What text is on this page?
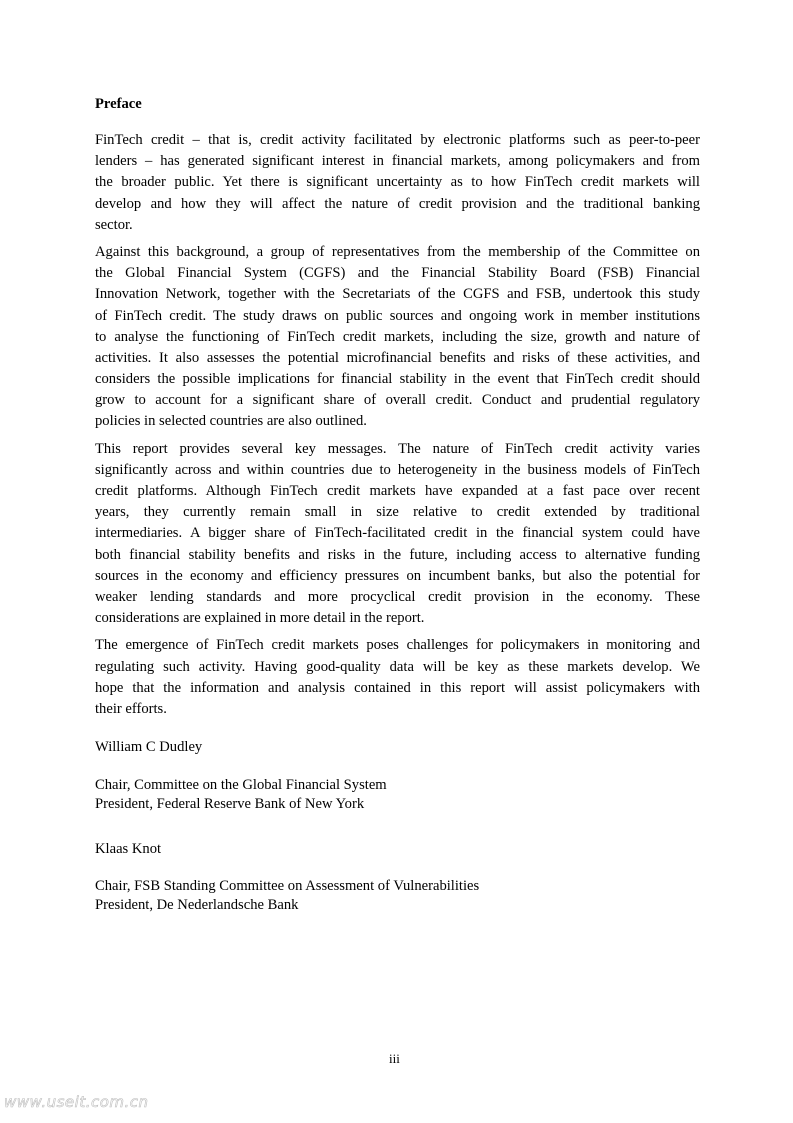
Preface
FinTech credit – that is, credit activity facilitated by electronic platforms such as peer-to-peer
lenders – has generated significant interest in financial markets, among policymakers and from
the broader public. Yet there is significant uncertainty as to how FinTech credit markets will
develop and how they will affect the nature of credit provision and the traditional banking
sector.
Against this background, a group of representatives from the membership of the Committee on
the Global Financial System (CGFS) and the Financial Stability Board (FSB) Financial
Innovation Network, together with the Secretariats of the CGFS and FSB, undertook this study
of FinTech credit. The study draws on public sources and ongoing work in member institutions
to analyse the functioning of FinTech credit markets, including the size, growth and nature of
activities. It also assesses the potential microfinancial benefits and risks of these activities, and
considers the possible implications for financial stability in the event that FinTech credit should
grow to account for a significant share of overall credit. Conduct and prudential regulatory
policies in selected countries are also outlined.
This report provides several key messages. The nature of FinTech credit activity varies
significantly across and within countries due to heterogeneity in the business models of FinTech
credit platforms. Although FinTech credit markets have expanded at a fast pace over recent
years, they currently remain small in size relative to credit extended by traditional
intermediaries. A bigger share of FinTech-facilitated credit in the financial system could have
both financial stability benefits and risks in the future, including access to alternative funding
sources in the economy and efficiency pressures on incumbent banks, but also the potential for
weaker lending standards and more procyclical credit provision in the economy. These
considerations are explained in more detail in the report.
The emergence of FinTech credit markets poses challenges for policymakers in monitoring and
regulating such activity. Having good-quality data will be key as these markets develop. We
hope that the information and analysis contained in this report will assist policymakers with
their efforts.
William C Dudley
Chair, Committee on the Global Financial System
President, Federal Reserve Bank of New York
Klaas Knot
Chair, FSB Standing Committee on Assessment of Vulnerabilities
President, De Nederlandsche Bank
iii
www.useit.com.cn
